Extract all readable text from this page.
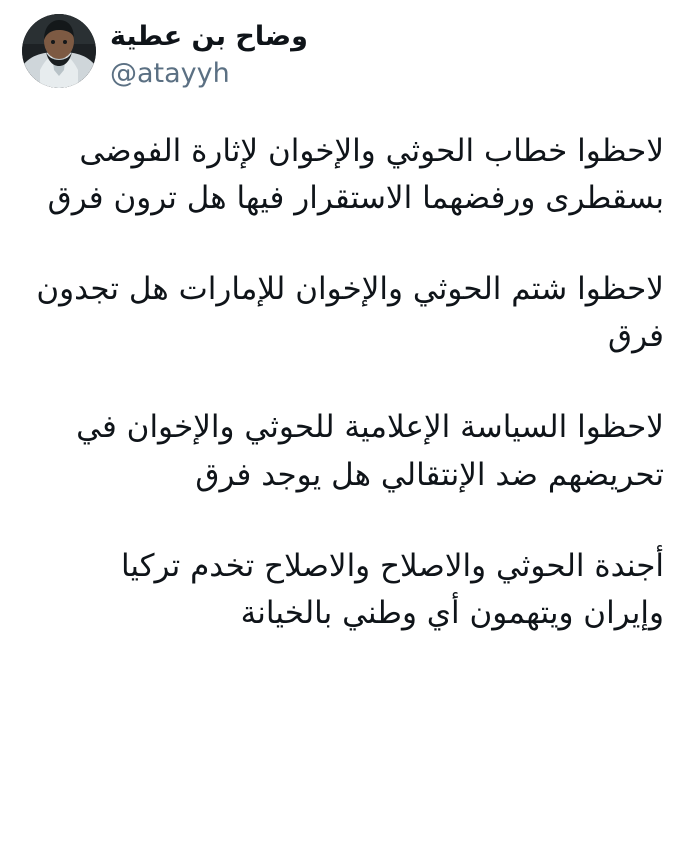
وضاح بن عطية
@atayyh

لاحظوا خطاب الحوثي والإخوان لإثارة الفوضى بسقطرى ورفضهما الاستقرار فيها هل ترون فرق

لاحظوا شتم الحوثي والإخوان للإمارات هل تجدون فرق

لاحظوا السياسة الإعلامية للحوثي والإخوان في تحريضهم ضد الإنتقالي هل يوجد فرق

أجندة الحوثي والاصلاح والاصلاح تخدم تركيا وإيران ويتهمون أي وطني بالخيانة
